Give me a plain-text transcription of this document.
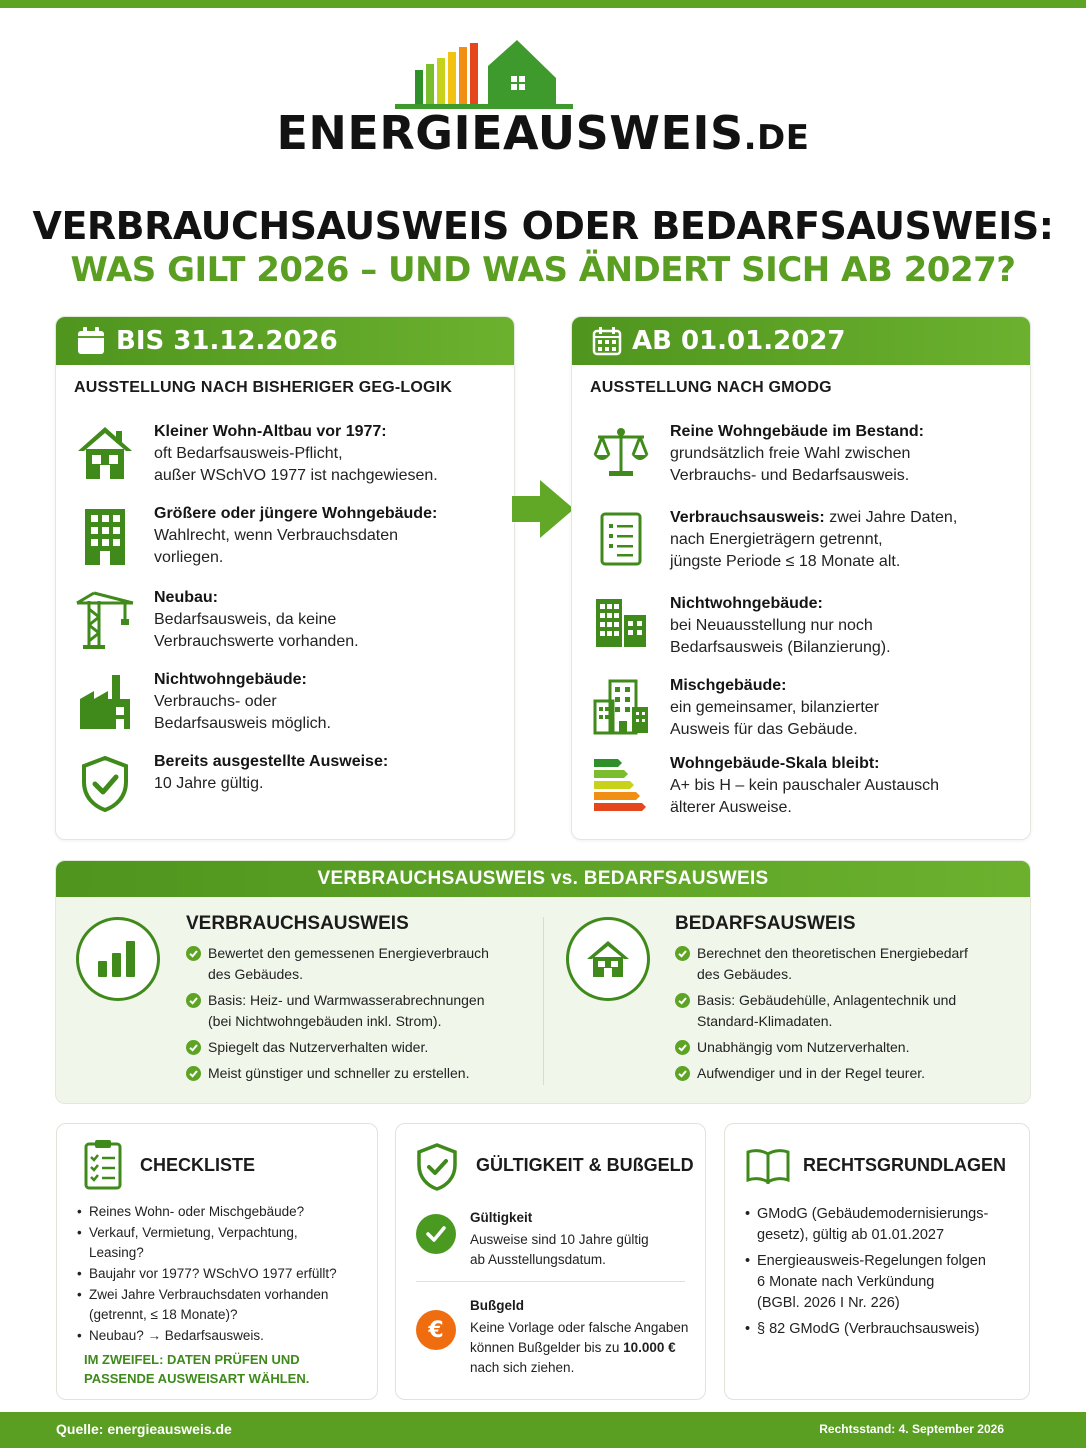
ENERGIEAUSWEIS.DE
VERBRAUCHSAUSWEIS ODER BEDARFSAUSWEIS:
WAS GILT 2026 – UND WAS ÄNDERT SICH AB 2027?
BIS 31.12.2026
AUSSTELLUNG NACH BISHERIGER GEG-LOGIK
Kleiner Wohn-Altbau vor 1977:
oft Bedarfsausweis-Pflicht,
außer WSchVO 1977 ist nachgewiesen.
Größere oder jüngere Wohngebäude:
Wahlrecht, wenn Verbrauchsdaten
vorliegen.
Neubau:
Bedarfsausweis, da keine
Verbrauchswerte vorhanden.
Nichtwohngebäude:
Verbrauchs- oder
Bedarfsausweis möglich.
Bereits ausgestellte Ausweise:
10 Jahre gültig.
AB 01.01.2027
AUSSTELLUNG NACH GMODG
Reine Wohngebäude im Bestand:
grundsätzlich freie Wahl zwischen
Verbrauchs- und Bedarfsausweis.
Verbrauchsausweis: zwei Jahre Daten,
nach Energieträgern getrennt,
jüngste Periode ≤ 18 Monate alt.
Nichtwohngebäude:
bei Neuausstellung nur noch
Bedarfsausweis (Bilanzierung).
Mischgebäude:
ein gemeinsamer, bilanzierter
Ausweis für das Gebäude.
Wohngebäude-Skala bleibt:
A+ bis H – kein pauschaler Austausch
älterer Ausweise.
VERBRAUCHSAUSWEIS vs. BEDARFSAUSWEIS
VERBRAUCHSAUSWEIS
Bewertet den gemessenen Energieverbrauch
des Gebäudes.
Basis: Heiz- und Warmwasserabrechnungen
(bei Nichtwohngebäuden inkl. Strom).
Spiegelt das Nutzerverhalten wider.
Meist günstiger und schneller zu erstellen.
BEDARFSAUSWEIS
Berechnet den theoretischen Energiebedarf
des Gebäudes.
Basis: Gebäudehülle, Anlagentechnik und
Standard-Klimadaten.
Unabhängig vom Nutzerverhalten.
Aufwendiger und in der Regel teurer.
CHECKLISTE
• Reines Wohn- oder Mischgebäude?
• Verkauf, Vermietung, Verpachtung,
Leasing?
• Baujahr vor 1977? WSchVO 1977 erfüllt?
• Zwei Jahre Verbrauchsdaten vorhanden
(getrennt, ≤ 18 Monate)?
• Neubau? → Bedarfsausweis.
IM ZWEIFEL: DATEN PRÜFEN UND
PASSENDE AUSWEISART WÄHLEN.
GÜLTIGKEIT & BUßGELD
Gültigkeit
Ausweise sind 10 Jahre gültig
ab Ausstellungsdatum.
€
Bußgeld
Keine Vorlage oder falsche Angaben
können Bußgelder bis zu 10.000 €
nach sich ziehen.
RECHTSGRUNDLAGEN
• GModG (Gebäudemodernisierungs-
gesetz), gültig ab 01.01.2027
• Energieausweis-Regelungen folgen
6 Monate nach Verkündung
(BGBl. 2026 I Nr. 226)
• § 82 GModG (Verbrauchsausweis)
Quelle: energieausweis.de	Rechtsstand: 4. September 2026
